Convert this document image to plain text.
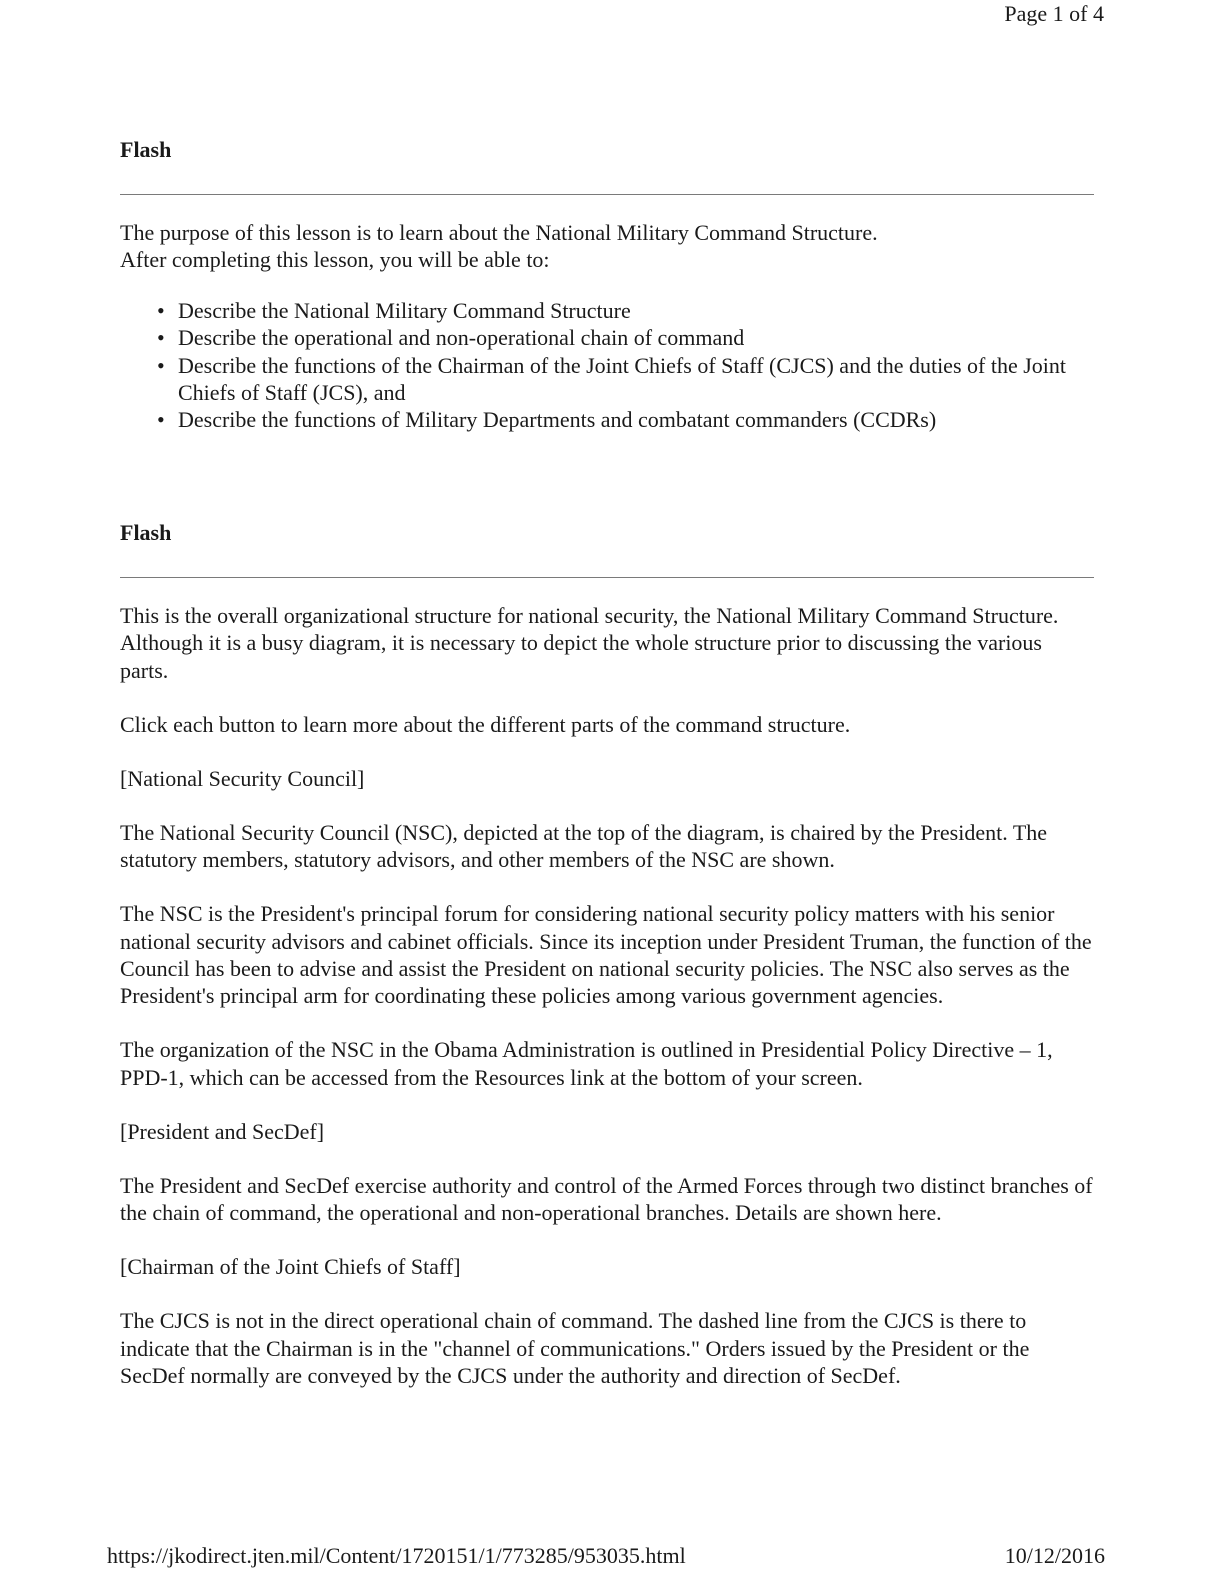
Page 1 of 4
Flash

The purpose of this lesson is to learn about the National Military Command Structure.

After completing this lesson, you will be able to:

• Describe the National Military Command Structure
• Describe the operational and non-operational chain of command
• Describe the functions of the Chairman of the Joint Chiefs of Staff (CJCS) and the duties of the Joint Chiefs of Staff (JCS), and
• Describe the functions of Military Departments and combatant commanders (CCDRs)
Flash

This is the overall organizational structure for national security, the National Military Command Structure. Although it is a busy diagram, it is necessary to depict the whole structure prior to discussing the various parts.

Click each button to learn more about the different parts of the command structure.

[National Security Council]

The National Security Council (NSC), depicted at the top of the diagram, is chaired by the President. The statutory members, statutory advisors, and other members of the NSC are shown.

The NSC is the President's principal forum for considering national security policy matters with his senior national security advisors and cabinet officials. Since its inception under President Truman, the function of the Council has been to advise and assist the President on national security policies. The NSC also serves as the President's principal arm for coordinating these policies among various government agencies.

The organization of the NSC in the Obama Administration is outlined in Presidential Policy Directive – 1, PPD-1, which can be accessed from the Resources link at the bottom of your screen.

[President and SecDef]

The President and SecDef exercise authority and control of the Armed Forces through two distinct branches of the chain of command, the operational and non-operational branches. Details are shown here.

[Chairman of the Joint Chiefs of Staff]

The CJCS is not in the direct operational chain of command. The dashed line from the CJCS is there to indicate that the Chairman is in the "channel of communications." Orders issued by the President or the SecDef normally are conveyed by the CJCS under the authority and direction of SecDef.

https://jkodirect.jten.mil/Content/1720151/1/773285/953035.html	10/12/2016
